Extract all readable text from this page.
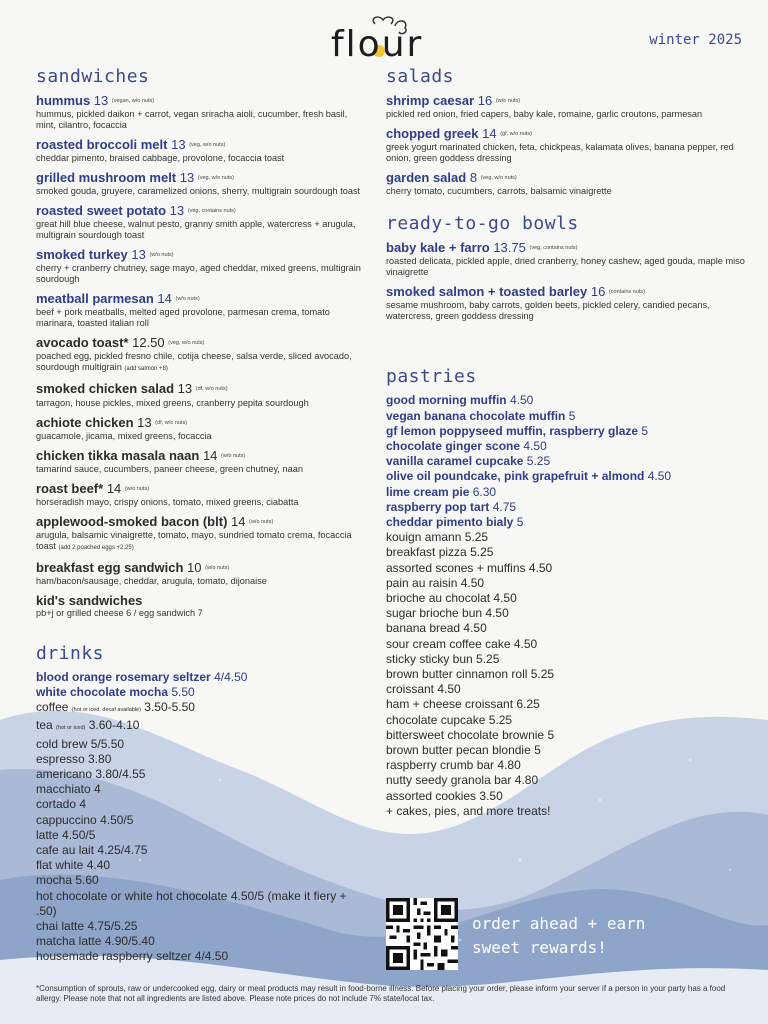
flour	winter 2025
sandwiches
hummus 13 (vegan, w/o nuts)
hummus, pickled daikon + carrot, vegan sriracha aioli, cucumber, fresh basil, mint, cilantro, focaccia
roasted broccoli melt 13 (veg, w/o nuts)
cheddar pimento, braised cabbage, provolone, focaccia toast
grilled mushroom melt 13 (veg, w/o nuts)
smoked gouda, gruyere, caramelized onions, sherry, multigrain sourdough toast
roasted sweet potato 13 (veg, contains nuts)
great hill blue cheese, walnut pesto, granny smith apple, watercress + arugula, multigrain sourdough toast
smoked turkey 13 (w/o nuts)
cherry + cranberry chutney, sage mayo, aged cheddar, mixed greens, multigrain sourdough
meatball parmesan 14 (w/o nuts)
beef + pork meatballs, melted aged provolone, parmesan crema, tomato marinara, toasted italian roll
avocado toast* 12.50 (veg, w/o nuts)
poached egg, pickled fresno chile, cotija cheese, salsa verde, sliced avocado, sourdough multigrain (add salmon +8)
smoked chicken salad 13 (df, w/o nuts)
tarragon, house pickles, mixed greens, cranberry pepita sourdough
achiote chicken 13 (df, w/o nuts)
guacamole, jicama, mixed greens, focaccia
chicken tikka masala naan 14 (w/o nuts)
tamarind sauce, cucumbers, paneer cheese, green chutney, naan
roast beef* 14 (w/o nuts)
horseradish mayo, crispy onions, tomato, mixed greens, ciabatta
applewood-smoked bacon (blt) 14 (w/o nuts)
arugula, balsamic vinaigrette, tomato, mayo, sundried tomato crema, focaccia toast (add 2 poached eggs +2.25)
breakfast egg sandwich 10 (w/o nuts)
ham/bacon/sausage, cheddar, arugula, tomato, dijonaise
kid's sandwiches
pb+j or grilled cheese 6 / egg sandwich 7
drinks
blood orange rosemary seltzer 4/4.50
white chocolate mocha 5.50
coffee (hot or iced, decaf available) 3.50-5.50
tea (hot or iced) 3.60-4.10
cold brew 5/5.50
espresso 3.80
americano 3.80/4.55
macchiato 4
cortado 4
cappuccino 4.50/5
latte 4.50/5
cafe au lait 4.25/4.75
flat white 4.40
mocha 5.60
hot chocolate or white hot chocolate 4.50/5 (make it fiery + .50)
chai latte 4.75/5.25
matcha latte 4.90/5.40
housemade raspberry seltzer 4/4.50
salads
shrimp caesar 16 (w/o nuts)
pickled red onion, fried capers, baby kale, romaine, garlic croutons, parmesan
chopped greek 14 (gf, w/o nuts)
greek yogurt marinated chicken, feta, chickpeas, kalamata olives, banana pepper, red onion, green goddess dressing
garden salad 8 (veg, w/o nuts)
cherry tomato, cucumbers, carrots, balsamic vinaigrette
ready-to-go bowls
baby kale + farro 13.75 (veg, contains nuts)
roasted delicata, pickled apple, dried cranberry, honey cashew, aged gouda, maple miso vinaigrette
smoked salmon + toasted barley 16 (contains nuts)
sesame mushroom, baby carrots, golden beets, pickled celery, candied pecans, watercress, green goddess dressing
pastries
good morning muffin 4.50
vegan banana chocolate muffin 5
gf lemon poppyseed muffin, raspberry glaze 5
chocolate ginger scone 4.50
vanilla caramel cupcake 5.25
olive oil poundcake, pink grapefruit + almond 4.50
lime cream pie 6.30
raspberry pop tart 4.75
cheddar pimento bialy 5
kouign amann 5.25
breakfast pizza 5.25
assorted scones + muffins 4.50
pain au raisin 4.50
brioche au chocolat 4.50
sugar brioche bun 4.50
banana bread 4.50
sour cream coffee cake 4.50
sticky sticky bun 5.25
brown butter cinnamon roll 5.25
croissant 4.50
ham + cheese croissant 6.25
chocolate cupcake 5.25
bittersweet chocolate brownie 5
brown butter pecan blondie 5
raspberry crumb bar 4.80
nutty seedy granola bar 4.80
assorted cookies 3.50
+ cakes, pies, and more treats!
order ahead + earn
sweet rewards!
*Consumption of sprouts, raw or undercooked egg, dairy or meat products may result in food-borne illness. Before placing your order, please inform your server if a person in your party has a food allergy. Please note that not all ingredients are listed above. Please note prices do not include 7% state/local tax.
